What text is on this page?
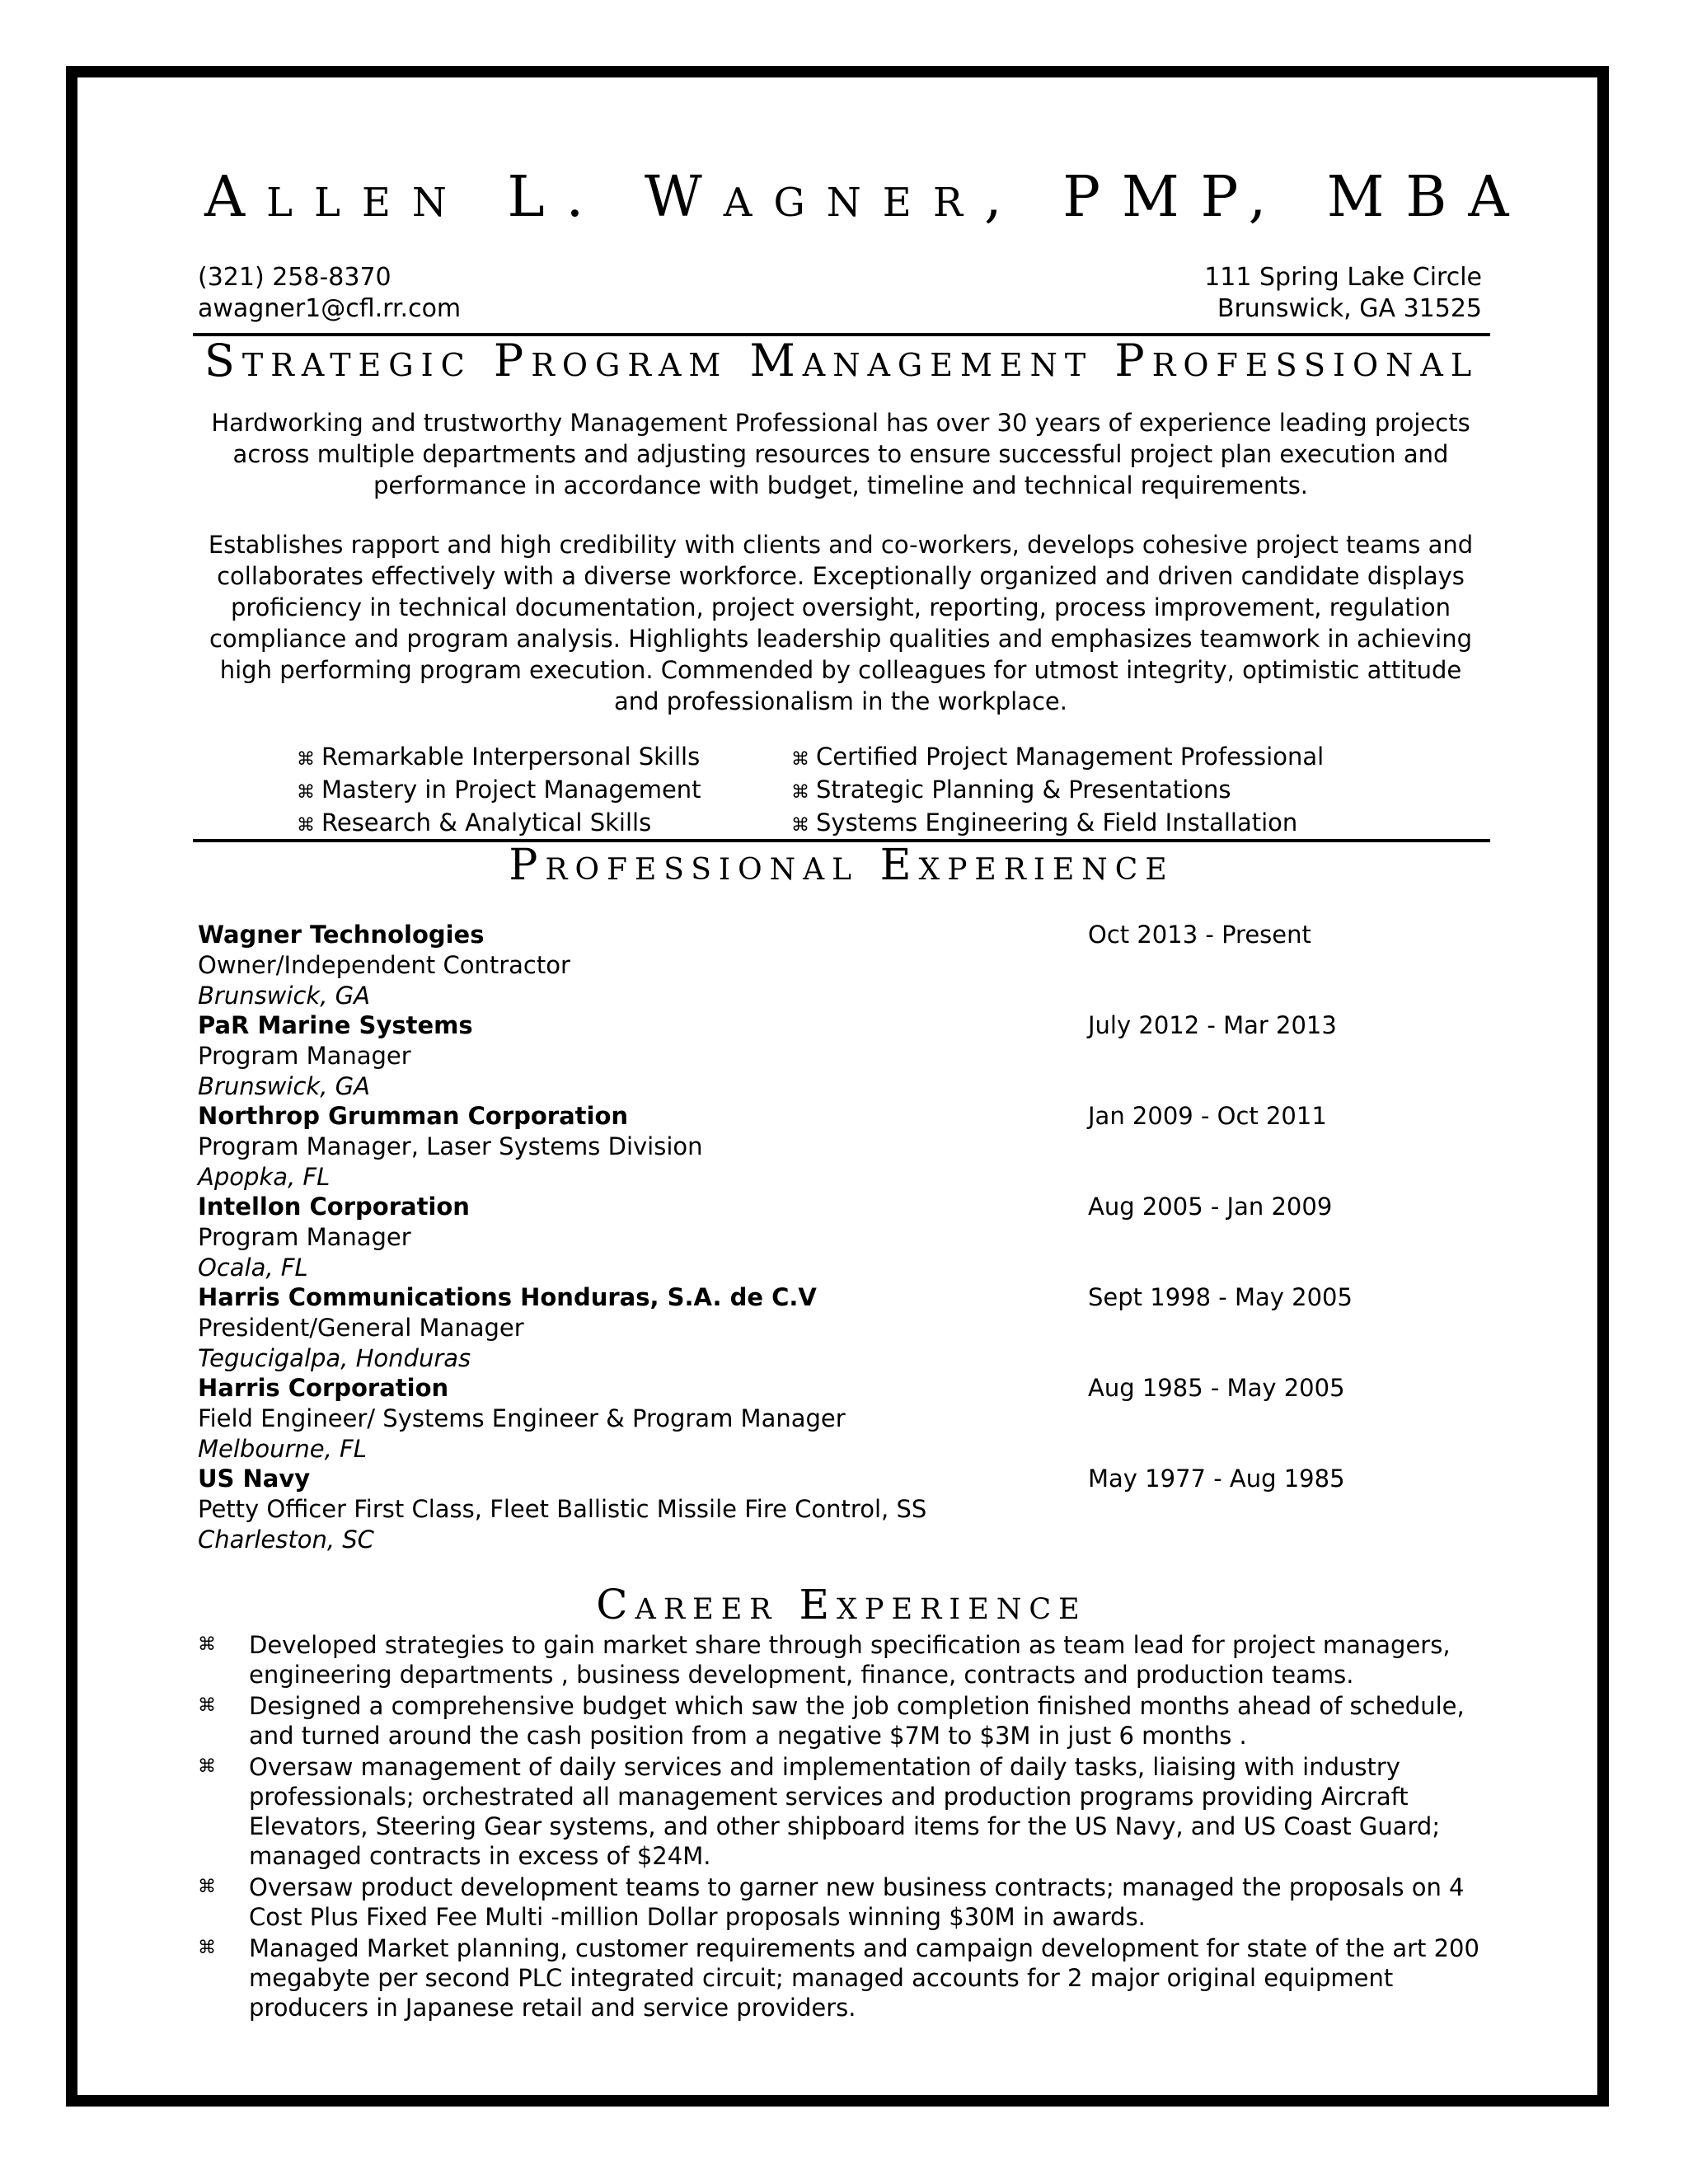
Allen L. Wagner, PMP, MBA
(321) 258-8370
awagner1@cfl.rr.com
111 Spring Lake Circle
Brunswick, GA 31525
Strategic Program Management Professional

Hardworking and trustworthy Management Professional has over 30 years of experience leading projects across multiple departments and adjusting resources to ensure successful project plan execution and performance in accordance with budget, timeline and technical requirements.

Establishes rapport and high credibility with clients and co-workers, develops cohesive project teams and collaborates effectively with a diverse workforce. Exceptionally organized and driven candidate displays proficiency in technical documentation, project oversight, reporting, process improvement, regulation compliance and program analysis. Highlights leadership qualities and emphasizes teamwork in achieving high performing program execution. Commended by colleagues for utmost integrity, optimistic attitude and professionalism in the workplace.

⌘ Remarkable Interpersonal Skills	⌘ Certified Project Management Professional
⌘ Mastery in Project Management	⌘ Strategic Planning & Presentations
⌘ Research & Analytical Skills	⌘ Systems Engineering & Field Installation
Professional Experience
Wagner Technologies
Owner/Independent Contractor
Brunswick, GA
Oct 2013 - Present
PaR Marine Systems
Program Manager
Brunswick, GA
July 2012 - Mar 2013
Northrop Grumman Corporation
Program Manager, Laser Systems Division
Apopka, FL
Jan 2009 - Oct 2011
Intellon Corporation
Program Manager
Ocala, FL
Aug 2005 - Jan 2009
Harris Communications Honduras, S.A. de C.V
President/General Manager
Tegucigalpa, Honduras
Sept 1998 - May 2005
Harris Corporation
Field Engineer/ Systems Engineer & Program Manager
Melbourne, FL
Aug 1985 - May 2005
US Navy
Petty Officer First Class, Fleet Ballistic Missile Fire Control, SS
Charleston, SC
May 1977 - Aug 1985
Career Experience
⌘ Developed strategies to gain market share through specification as team lead for project managers, engineering departments , business development, finance, contracts and production teams.
⌘ Designed a comprehensive budget which saw the job completion finished months ahead of schedule, and turned around the cash position from a negative $7M to $3M in just 6 months .
⌘ Oversaw management of daily services and implementation of daily tasks, liaising with industry professionals; orchestrated all management services and production programs providing Aircraft Elevators, Steering Gear systems, and other shipboard items for the US Navy, and US Coast Guard; managed contracts in excess of $24M.
⌘ Oversaw product development teams to garner new business contracts; managed the proposals on 4 Cost Plus Fixed Fee Multi -million Dollar proposals winning $30M in awards.
⌘ Managed Market planning, customer requirements and campaign development for state of the art 200 megabyte per second PLC integrated circuit; managed accounts for 2 major original equipment producers in Japanese retail and service providers.
